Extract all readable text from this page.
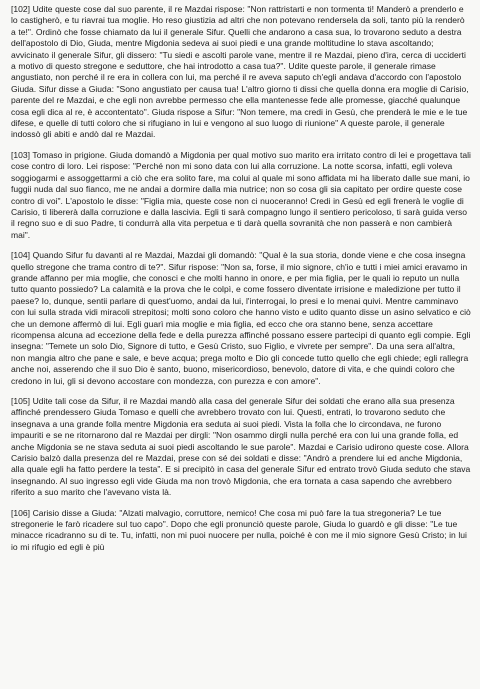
[102] Udite queste cose dal suo parente, il re Mazdai rispose: "Non rattristarti e non tormenta ti! Manderò a prenderlo e lo castigherò, e tu riavrai tua moglie. Ho reso giustizia ad altri che non potevano rendersela da soli, tanto più la renderò a te!". Ordinò che fosse chiamato da lui il generale Sifur. Quelli che andarono a casa sua, lo trovarono seduto a destra dell'apostolo di Dio, Giuda, mentre Migdonia sedeva ai suoi piedi e una grande moltitudine lo stava ascoltando; avvicinato il generale Sifur, gli dissero: "Tu siedi e ascolti parole vane, mentre il re Mazdai, pieno d'ira, cerca di ucciderti a motivo di questo stregone e seduttore, che hai introdotto a casa tua?". Udite queste parole, il generale rimase angustiato, non perché il re era in collera con lui, ma perché il re aveva saputo ch'egli andava d'accordo con l'apostolo Giuda. Sifur disse a Giuda: "Sono angustiato per causa tua! L'altro giorno ti dissi che quella donna era moglie di Carisio, parente del re Mazdai, e che egli non avrebbe permesso che ella mantenesse fede alle promesse, giacché qualunque cosa egli dica al re, è accontentato". Giuda rispose a Sifur: "Non temere, ma credi in Gesù, che prenderà le mie e le tue difese, e quelle di tutti coloro che si rifugiano in lui e vengono al suo luogo di riunione" A queste parole, il generale indossò gli abiti e andò dal re Mazdai.

[103] Tomaso in prigione. Giuda domandò a Migdonia per qual motivo suo marito era irritato contro di lei e progettava tali cose contro di loro. Lei rispose: "Perché non mi sono data con lui alla corruzione. La notte scorsa, infatti, egli voleva soggiogarmi e assoggettarmi a ciò che era solito fare, ma colui al quale mi sono affidata mi ha liberato dalle sue mani, io fuggii nuda dal suo fianco, me ne andai a dormire dalla mia nutrice; non so cosa gli sia capitato per ordire queste cose contro di voi". L'apostolo le disse: "Figlia mia, queste cose non ci nuoceranno! Credi in Gesù ed egli frenerà le voglie di Carisio, ti libererà dalla corruzione e dalla lascivia. Egli ti sarà compagno lungo il sentiero pericoloso, ti sarà guida verso il regno suo e di suo Padre, ti condurrà alla vita perpetua e ti darà quella sovranità che non passerà e non cambierà mai".

[104] Quando Sifur fu davanti al re Mazdai, Mazdai gli domandò: "Qual è la sua storia, donde viene e che cosa insegna quello stregone che trama contro di te?". Sifur rispose: "Non sa, forse, il mio signore, ch'io e tutti i miei amici eravamo in grande affanno per mia moglie, che conosci e che molti hanno in onore, e per mia figlia, per le quali io reputo un nulla tutto quanto possiedo? La calamità e la prova che le colpì, e come fossero diventate irrisione e maledizione per tutto il paese? Io, dunque, sentii parlare di quest'uomo, andai da lui, l'interrogai, lo presi e lo menai quivi. Mentre camminavo con lui sulla strada vidi miracoli strepitosi; molti sono coloro che hanno visto e udito quanto disse un asino selvatico e ciò che un demone affermò di lui. Egli guarì mia moglie e mia figlia, ed ecco che ora stanno bene, senza accettare ricompensa alcuna ad eccezione della fede e della purezza affinché possano essere partecipi di quanto egli compie. Egli insegna: "Temete un solo Dio, Signore di tutto, e Gesù Cristo, suo Figlio, e vivrete per sempre". Da una sera all'altra, non mangia altro che pane e sale, e beve acqua; prega molto e Dio gli concede tutto quello che egli chiede; egli rallegra anche noi, asserendo che il suo Dio è santo, buono, misericordioso, benevolo, datore di vita, e che quindi coloro che credono in lui, gli si devono accostare con mondezza, con purezza e con amore".

[105] Udite tali cose da Sifur, il re Mazdai mandò alla casa del generale Sifur dei soldati che erano alla sua presenza affinché prendessero Giuda Tomaso e quelli che avrebbero trovato con lui. Questi, entrati, lo trovarono seduto che insegnava a una grande folla mentre Migdonia era seduta ai suoi piedi. Vista la folla che lo circondava, ne furono impauriti e se ne ritornarono dal re Mazdai per dirgli: "Non osammo dirgli nulla perché era con lui una grande folla, ed anche Migdonia se ne stava seduta ai suoi piedi ascoltando le sue parole". Mazdai e Carisio udirono queste cose. Allora Carisio balzò dalla presenza del re Mazdai, prese con sé dei soldati e disse: "Andrò a prendere lui ed anche Migdonia, alla quale egli ha fatto perdere la testa". E si precipitò in casa del generale Sifur ed entrato trovò Giuda seduto che stava insegnando. Al suo ingresso egli vide Giuda ma non trovò Migdonia, che era tornata a casa sapendo che avrebbero riferito a suo marito che l'avevano vista là.

[106] Carisio disse a Giuda: "Alzati malvagio, corruttore, nemico! Che cosa mi può fare la tua stregoneria? Le tue stregonerie le farò ricadere sul tuo capo". Dopo che egli pronunciò queste parole, Giuda lo guardò e gli disse: "Le tue minacce ricadranno su di te. Tu, infatti, non mi puoi nuocere per nulla, poiché è con me il mio signore Gesù Cristo; in lui io mi rifugio ed egli è più
